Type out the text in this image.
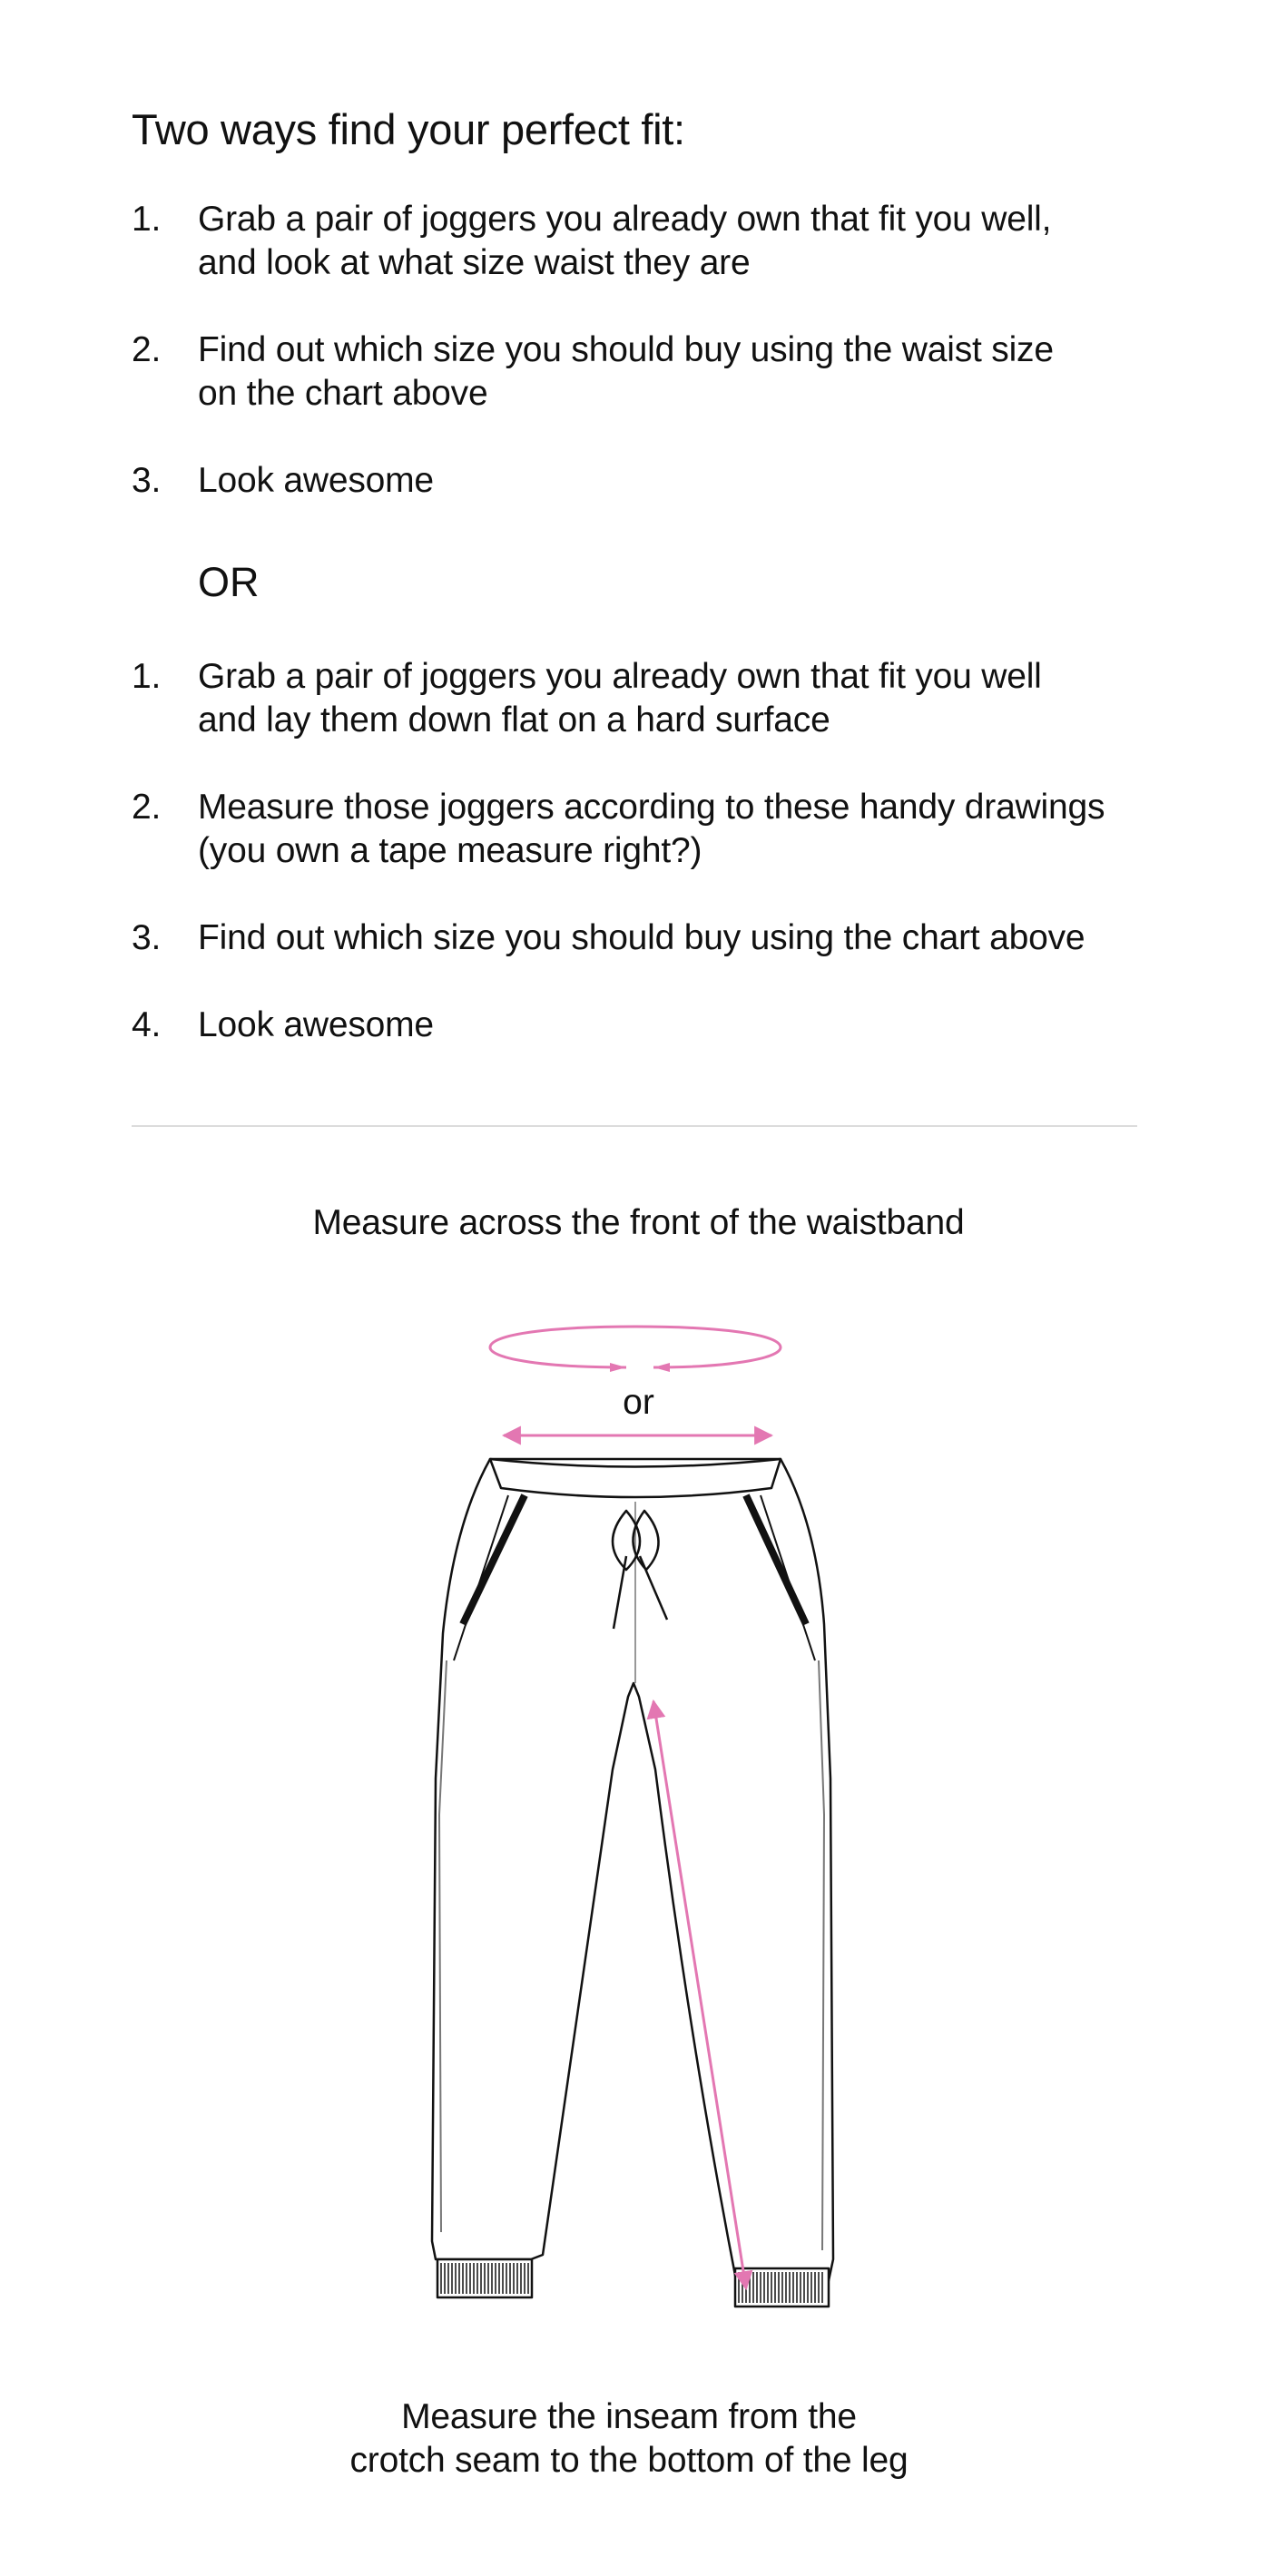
Two ways find your perfect fit:
1. Grab a pair of joggers you already own that fit you well,
and look at what size waist they are
2. Find out which size you should buy using the waist size
on the chart above
3. Look awesome
OR
1. Grab a pair of joggers you already own that fit you well
and lay them down flat on a hard surface
2. Measure those joggers according to these handy drawings
(you own a tape measure right?)
3. Find out which size you should buy using the chart above
4. Look awesome

Measure across the front of the waistband

or

Measure the inseam from the
crotch seam to the bottom of the leg
